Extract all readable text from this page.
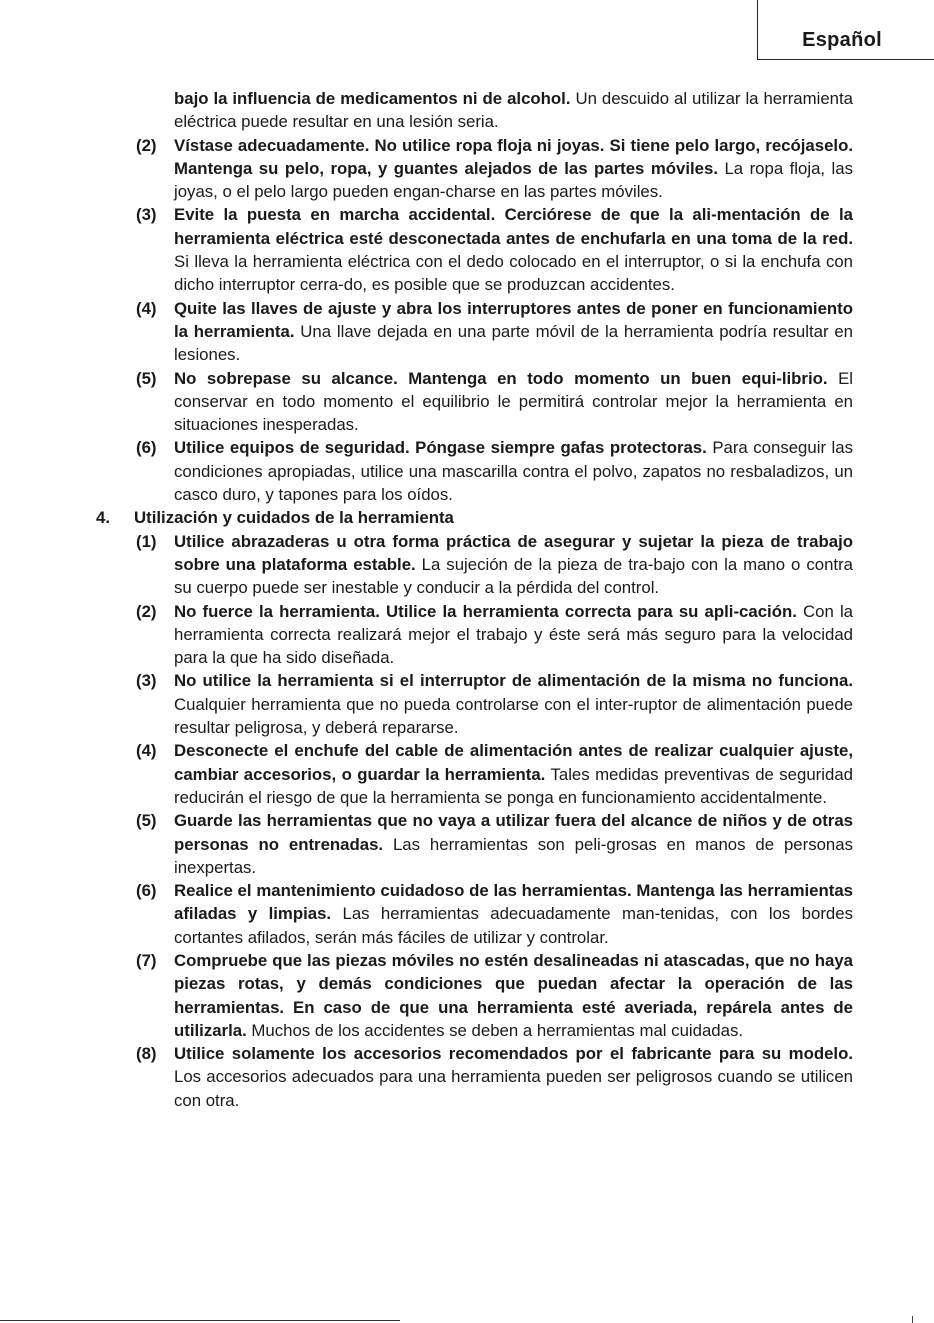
Español

bajo la influencia de medicamentos ni de alcohol. Un descuido al utilizar la herramienta eléctrica puede resultar en una lesión seria.

(2) Vístase adecuadamente. No utilice ropa floja ni joyas. Si tiene pelo largo, recójaselo. Mantenga su pelo, ropa, y guantes alejados de las partes móviles. La ropa floja, las joyas, o el pelo largo pueden engan-charse en las partes móviles.
(3) Evite la puesta en marcha accidental. Cerciórese de que la ali-mentación de la herramienta eléctrica esté desconectada antes de enchufarla en una toma de la red. Si lleva la herramienta eléctrica con el dedo colocado en el interruptor, o si la enchufa con dicho interruptor cerra-do, es posible que se produzcan accidentes.
(4) Quite las llaves de ajuste y abra los interruptores antes de poner en funcionamiento la herramienta. Una llave dejada en una parte móvil de la herramienta podría resultar en lesiones.
(5) No sobrepase su alcance. Mantenga en todo momento un buen equi-librio. El conservar en todo momento el equilibrio le permitirá controlar mejor la herramienta en situaciones inesperadas.
(6) Utilice equipos de seguridad. Póngase siempre gafas protectoras. Para conseguir las condiciones apropiadas, utilice una mascarilla contra el polvo, zapatos no resbaladizos, un casco duro, y tapones para los oídos.
4. Utilización y cuidados de la herramienta
(1) Utilice abrazaderas u otra forma práctica de asegurar y sujetar la pieza de trabajo sobre una plataforma estable. La sujeción de la pieza de tra-bajo con la mano o contra su cuerpo puede ser inestable y conducir a la pérdida del control.
(2) No fuerce la herramienta. Utilice la herramienta correcta para su apli-cación. Con la herramienta correcta realizará mejor el trabajo y éste será más seguro para la velocidad para la que ha sido diseñada.
(3) No utilice la herramienta si el interruptor de alimentación de la misma no funciona. Cualquier herramienta que no pueda controlarse con el inter-ruptor de alimentación puede resultar peligrosa, y deberá repararse.
(4) Desconecte el enchufe del cable de alimentación antes de realizar cualquier ajuste, cambiar accesorios, o guardar la herramienta. Tales medidas preventivas de seguridad reducirán el riesgo de que la herramienta se ponga en funcionamiento accidentalmente.
(5) Guarde las herramientas que no vaya a utilizar fuera del alcance de niños y de otras personas no entrenadas. Las herramientas son peli-grosas en manos de personas inexpertas.
(6) Realice el mantenimiento cuidadoso de las herramientas. Mantenga las herramientas afiladas y limpias. Las herramientas adecuadamente man-tenidas, con los bordes cortantes afilados, serán más fáciles de utilizar y controlar.
(7) Compruebe que las piezas móviles no estén desalineadas ni atascadas, que no haya piezas rotas, y demás condiciones que puedan afectar la operación de las herramientas. En caso de que una herramienta esté averiada, repárela antes de utilizarla. Muchos de los accidentes se deben a herramientas mal cuidadas.
(8) Utilice solamente los accesorios recomendados por el fabricante para su modelo. Los accesorios adecuados para una herramienta pueden ser peligrosos cuando se utilicen con otra.
